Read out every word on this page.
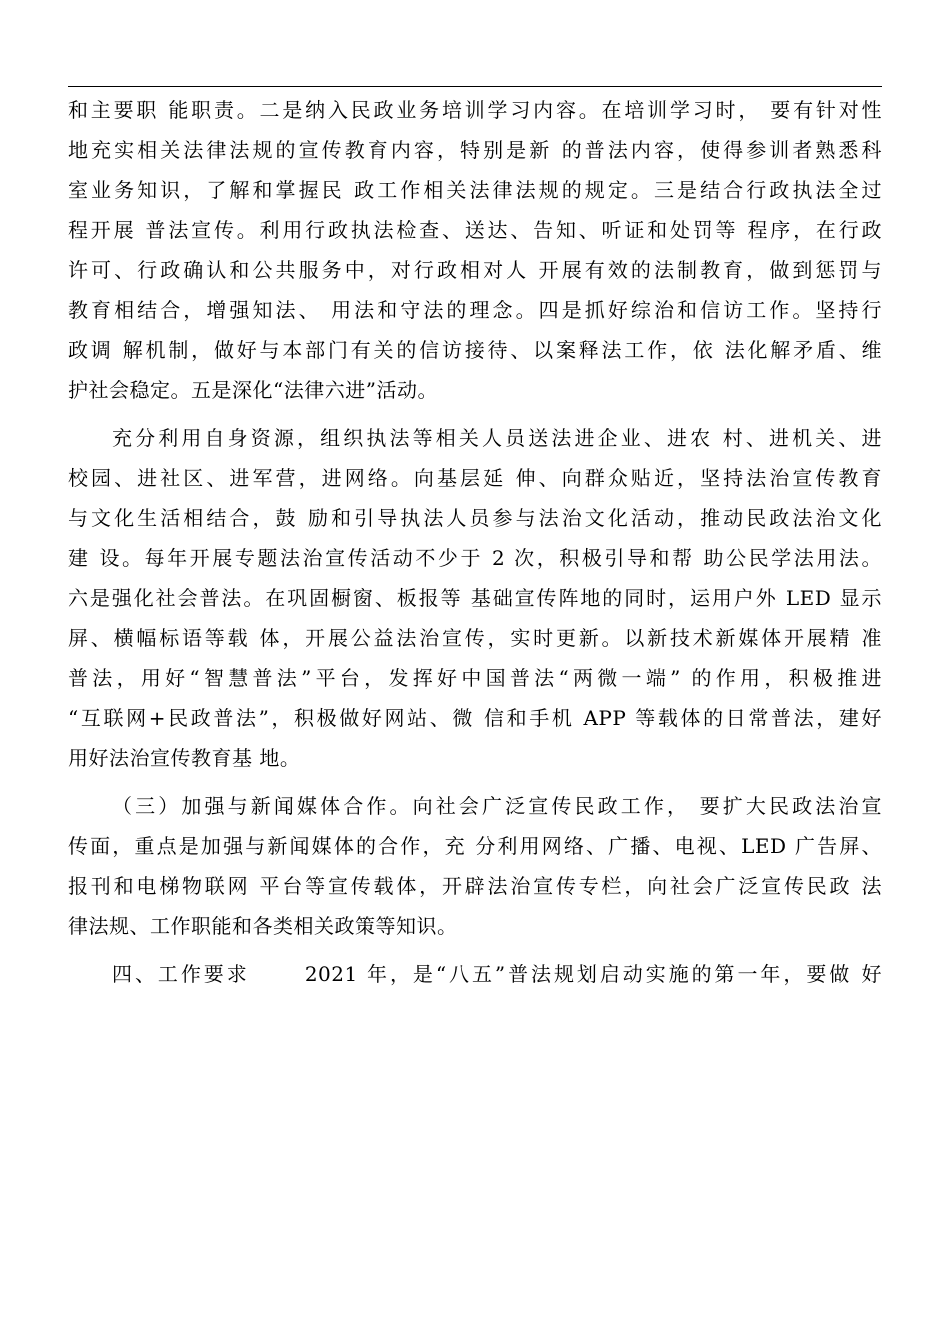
和主要职 能职责。二是纳入民政业务培训学习内容。在培训学习时， 要有针对性
地充实相关法律法规的宣传教育内容，特别是新 的普法内容，使得参训者熟悉科
室业务知识，了解和掌握民 政工作相关法律法规的规定。三是结合行政执法全过
程开展 普法宣传。利用行政执法检查、送达、告知、听证和处罚等 程序，在行政
许可、行政确认和公共服务中，对行政相对人 开展有效的法制教育，做到惩罚与
教育相结合，增强知法、 用法和守法的理念。四是抓好综治和信访工作。坚持行
政调 解机制，做好与本部门有关的信访接待、以案释法工作，依 法化解矛盾、维
护社会稳定。五是深化“法律六进”活动。
充分利用自身资源，组织执法等相关人员送法进企业、进农 村、进机关、进
校园、进社区、进军营，进网络。向基层延 伸、向群众贴近，坚持法治宣传教育
与文化生活相结合，鼓 励和引导执法人员参与法治文化活动，推动民政法治文化
建 设。每年开展专题法治宣传活动不少于 2 次，积极引导和帮 助公民学法用法。
六是强化社会普法。在巩固橱窗、板报等 基础宣传阵地的同时，运用户外 LED 显示
屏、横幅标语等载 体，开展公益法治宣传，实时更新。以新技术新媒体开展精 准
普法，用好“智慧普法”平台，发挥好中国普法“两微一端” 的作用，积极推进
“互联网+民政普法”，积极做好网站、微 信和手机 APP 等载体的日常普法，建好
用好法治宣传教育基 地。
（三）加强与新闻媒体合作。向社会广泛宣传民政工作， 要扩大民政法治宣
传面，重点是加强与新闻媒体的合作，充 分利用网络、广播、电视、LED 广告屏、
报刊和电梯物联网 平台等宣传载体，开辟法治宣传专栏，向社会广泛宣传民政 法
律法规、工作职能和各类相关政策等知识。
四、工作要求　　 2021 年，是“八五”普法规划启动实施的第一年，要做 好
